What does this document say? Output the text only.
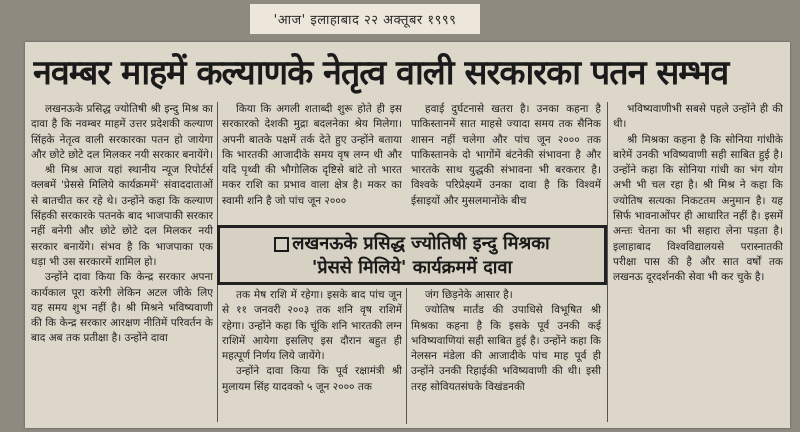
'आज' इलाहाबाद २२ अक्तूबर १९९९
नवम्बर माहमें कल्याणके नेतृत्व वाली सरकारका पतन सम्भव

लखनऊके प्रसिद्ध ज्योतिषी श्री इन्दु मिश्र का दावा है कि नवम्बर माहमें उत्तर प्रदेशकी कल्याण सिंहके नेतृत्व वाली सरकारका पतन हो जायेगा और छोटे छोटे दल मिलकर नयी सरकार बनायेंगे।

श्री मिश्र आज यहां स्थानीय न्यूज रिपोर्टर्स क्लबमें 'प्रेससे मिलिये कार्यक्रममें' संवाददाताओं से बातचीत कर रहे थे। उन्होंने कहा कि कल्याण सिंहकी सरकारके पतनके बाद भाजपाकी सरकार नहीं बनेगी और छोटे छोटे दल मिलकर नयी सरकार बनायेंगे। संभव है कि भाजपाका एक धड़ा भी उस सरकारमें शामिल हो।

उन्होंने दावा किया कि केन्द्र सरकार अपना कार्यकाल पूरा करेगी लेकिन अटल जीके लिए यह समय शुभ नहीं है। श्री मिश्रने भविष्यवाणी की कि केन्द्र सरकार आरक्षण नीतिमें परिवर्तन के बाद अब तक प्रतीक्षा है। उन्होंने दावा

किया कि अगली शताब्दी शुरू होते ही इस सरकारको देशकी मुद्रा बदलनेका श्रेय मिलेगा। अपनी बातके पक्षमें तर्क देते हुए उन्होंने बताया कि भारतकी आजादीके समय वृष लग्न थी और यदि पृथ्वी की भौगोलिक दृष्टिसे बांटे तो भारत मकर राशि का प्रभाव वाला क्षेत्र है। मकर का स्वामी शनि है जो पांच जून २०००

हवाई दुर्घटनासे खतरा है। उनका कहना है पाकिस्तानमें सात माहसे ज्यादा समय तक सैनिक शासन नहीं चलेगा और पांच जून २००० तक पाकिस्तानके दो भागोंमें बंटनेकी संभावना है और भारतके साथ युद्धकी संभावना भी बरकरार है। विश्वके परिप्रेक्ष्यमें उनका दावा है कि विश्वमें ईसाइयों और मुसलमानोंके बीच

लखनऊके प्रसिद्ध ज्योतिषी इन्दु मिश्रका
'प्रेससे मिलिये' कार्यक्रममें दावा

तक मेष राशि में रहेगा। इसके बाद पांच जून से ११ जनवरी २००३ तक शनि वृष राशिमें रहेगा। उन्होंने कहा कि चूंकि शनि भारतकी लग्न राशिमें आयेगा इसलिए इस दौरान बहुत ही महत्पूर्ण निर्णय लिये जायेंगे।

उन्होंने दावा किया कि पूर्व रक्षामंत्री श्री मुलायम सिंह यादवको ५ जून २००० तक

जंग छिड़नेके आसार है।

ज्योतिष मार्तंड की उपाधिसे विभूषित श्री मिश्रका कहना है कि इसके पूर्व उनकी कई भविष्यवाणियां सही साबित हुई है। उन्होंने कहा कि नेलसन मंडेला की आजादीके पांच माह पूर्व ही उन्होंने उनकी रिहाईकी भविष्यवाणी की थी। इसी तरह सोवियतसंघके विखंडनकी

भविष्यवाणीभी सबसे पहले उन्होंने ही की थी।

श्री मिश्रका कहना है कि सोनिया गांधीके बारेमें उनकी भविष्यवाणी सही साबित हुई है। उन्होंने कहा कि सोनिया गांधी का भंग योग अभी भी चल रहा है। श्री मिश्र ने कहा कि ज्योतिष सत्यका निकटतम अनुमान है। यह सिर्फ भावनाओंपर ही आधारित नहीं है। इसमें अन्तः चेतना का भी सहारा लेना पड़ता है। इलाहाबाद विश्वविद्यालयसे परास्नातकी परीक्षा पास की है और सात वर्षों तक लखनऊ दूरदर्शनकी सेवा भी कर चुके है।
